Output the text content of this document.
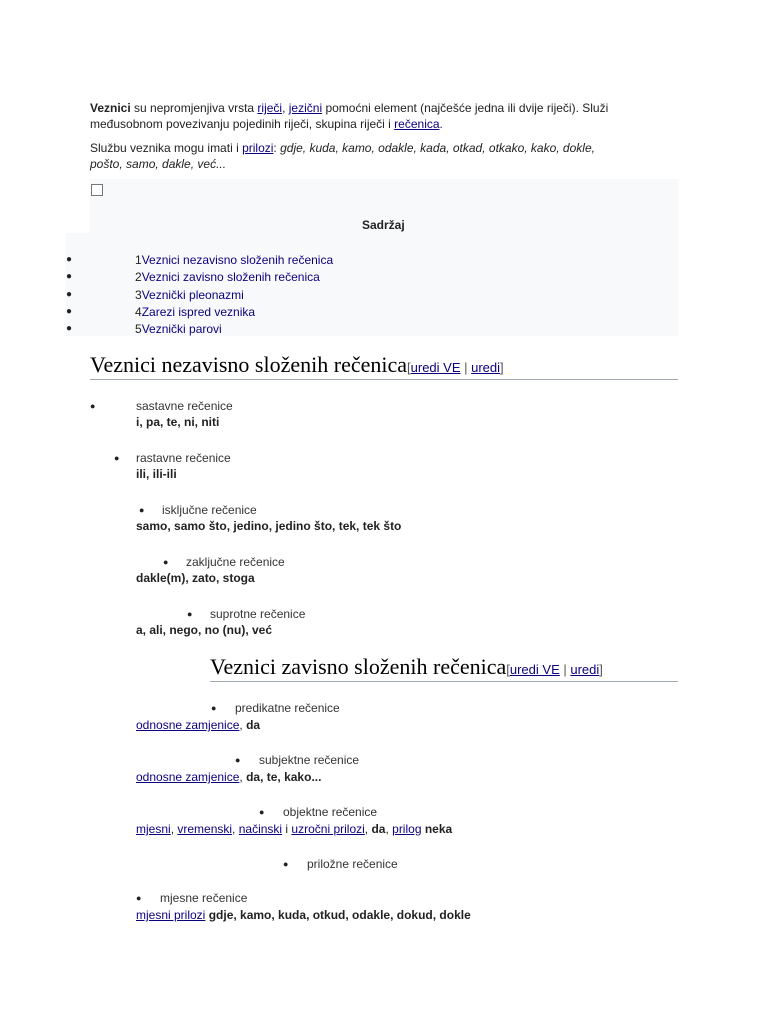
Veznici su nepromjenjiva vrsta riječi, jezični pomoćni element (najčešće jedna ili dvije riječi). Služi
međusobnom povezivanju pojedinih riječi, skupina riječi i rečenica.
Službu veznika mogu imati i prilozi: gdje, kuda, kamo, odakle, kada, otkad, otkako, kako, dokle,
pošto, samo, dakle, već...
Sadržaj
●	1Veznici nezavisno složenih rečenica
●	2Veznici zavisno složenih rečenica
●	3Veznički pleonazmi
●	4Zarezi ispred veznika
●	5Veznički parovi
Veznici nezavisno složenih rečenica[uredi VE | uredi]
●	sastavne rečenice
i, pa, te, ni, niti
● rastavne rečenice
ili, ili-ili
● isključne rečenice
samo, samo što, jedino, jedino što, tek, tek što
● zaključne rečenice
dakle(m), zato, stoga
● suprotne rečenice
a, ali, nego, no (nu), već
Veznici zavisno složenih rečenica[uredi VE | uredi]
● predikatne rečenice
odnosne zamjenice, da
● subjektne rečenice
odnosne zamjenice, da, te, kako...
● objektne rečenice
mjesni, vremenski, načinski i uzročni prilozi, da, prilog neka
● priložne rečenice
● mjesne rečenice
mjesni prilozi gdje, kamo, kuda, otkud, odakle, dokud, dokle
